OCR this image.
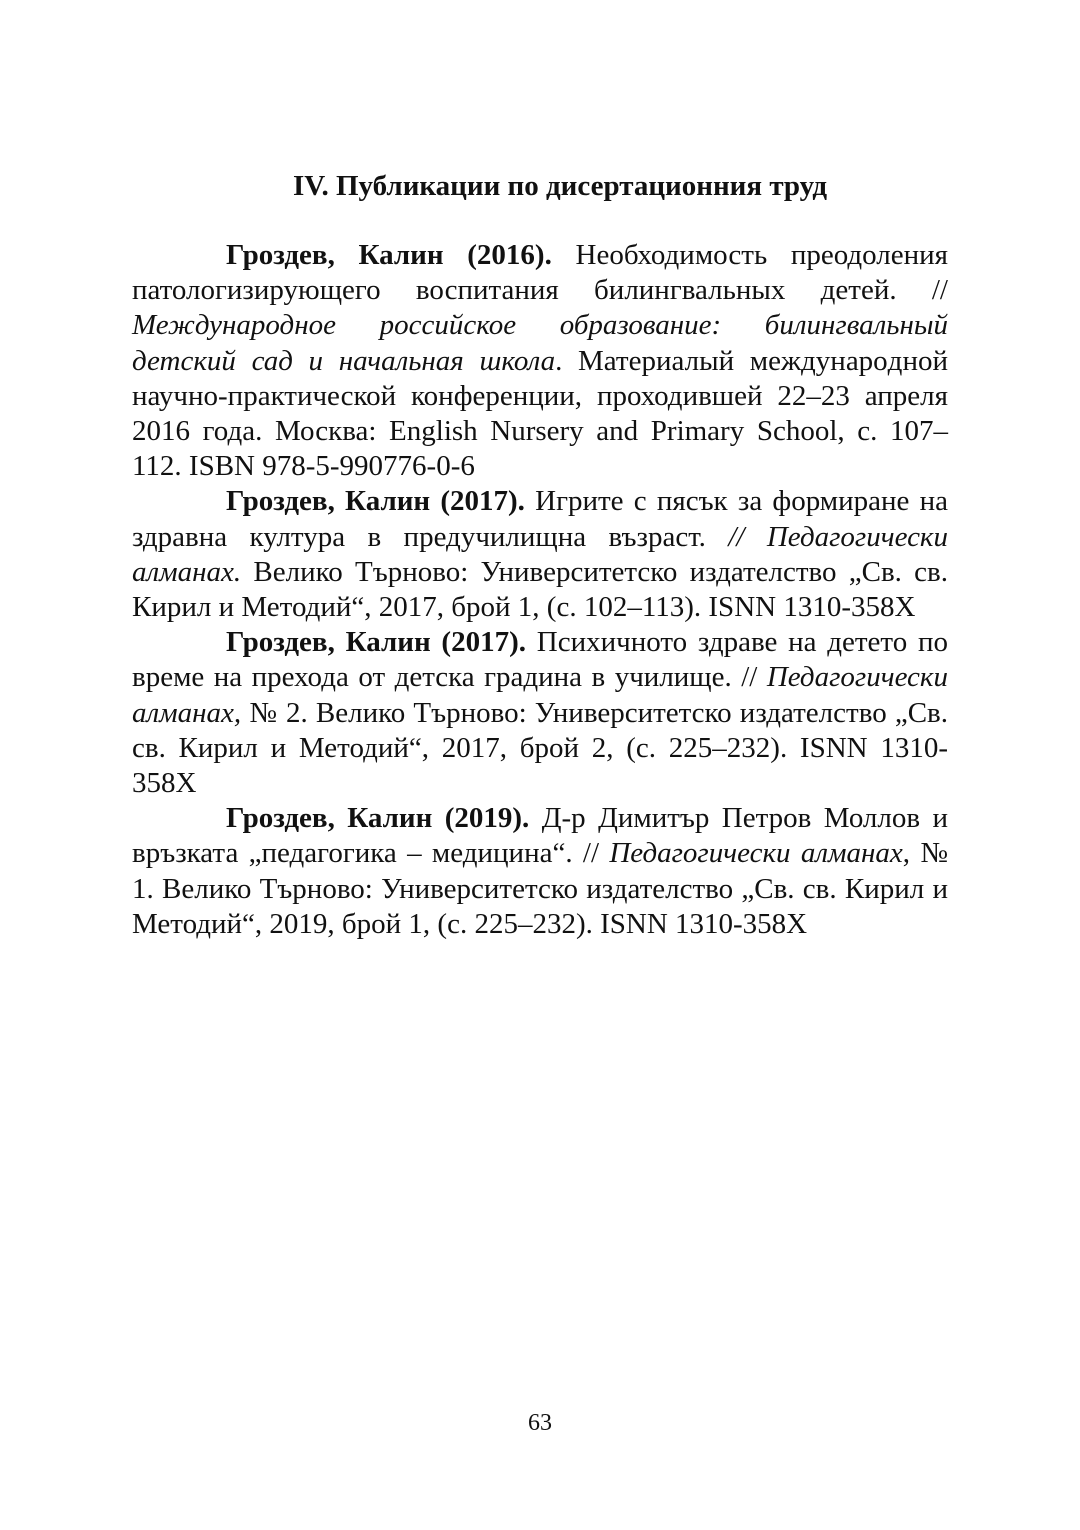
IV. Публикации по дисертационния труд

Гроздев, Калин (2016). Необходимость преодоления патологизирующего воспитания билингвальных детей. // Международное российское образование: билингвальный детский сад и начальная школа. Материалый междунарoдной научно-практической конференции, проходившей 22–23 апреля 2016 года. Москва: English Nursery and Primary School, с. 107–112. ISBN 978-5-990776-0-6

Гроздев, Калин (2017). Игрите с пясък за формиране на здравна култура в предучилищна възраст. // Педагогически алманах. Велико Търново: Университетско издателство „Св. св. Кирил и Методий“, 2017, брой 1, (с. 102–113). ISNN 1310-358X

Гроздев, Калин (2017). Психичното здраве на детето по време на прехода от детска градина в училище. // Педагогически алманах, № 2. Велико Търново: Университетско издателство „Св. св. Кирил и Методий“, 2017, брой 2, (с. 225–232). ISNN 1310-358X

Гроздев, Калин (2019). Д-р Димитър Петров Моллов и връзката „педагогика – медицина“. // Педагогически алманах, № 1. Велико Търново: Университетско издателство „Св. св. Кирил и Методий“, 2019, брой 1, (с. 225–232). ISNN 1310-358X

63
